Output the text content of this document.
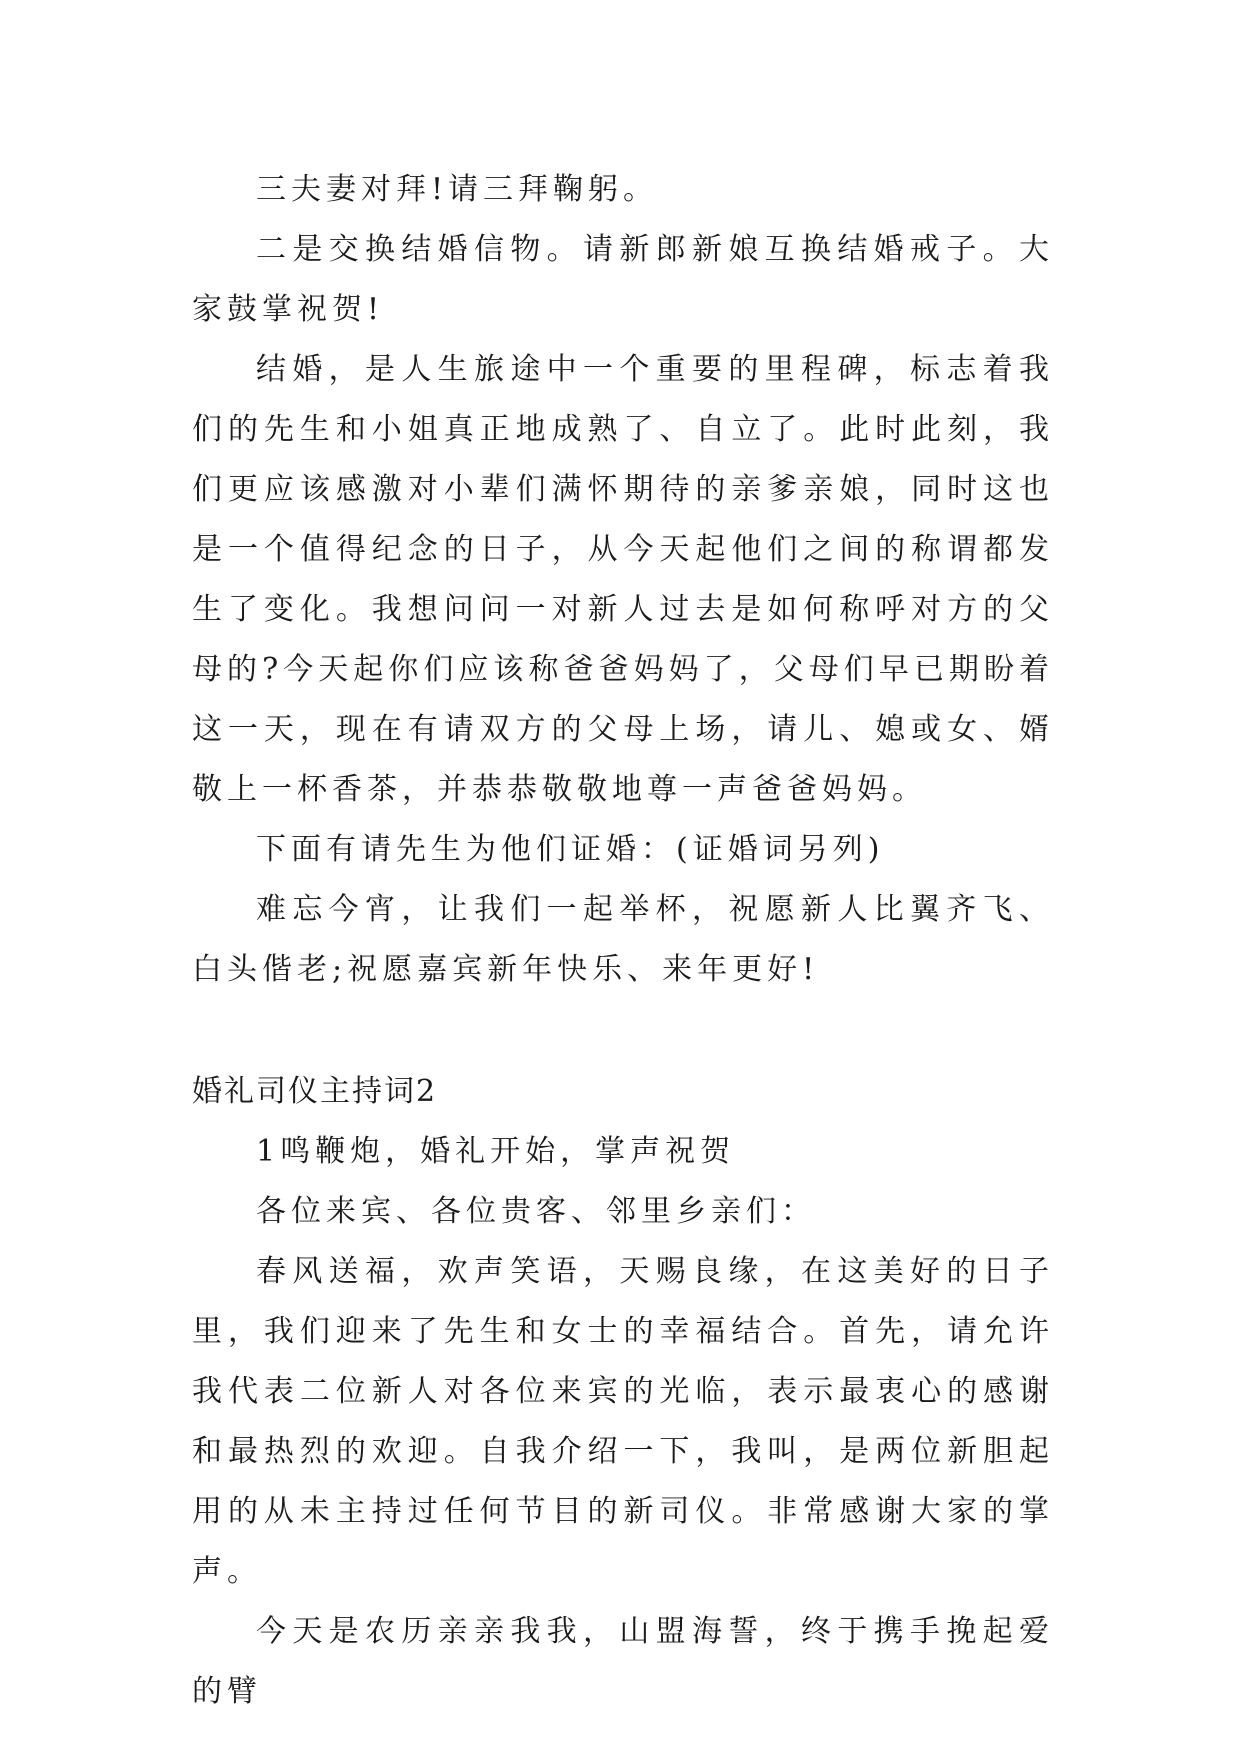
三夫妻对拜!请三拜鞠躬。

二是交换结婚信物。请新郎新娘互换结婚戒子。大家鼓掌祝贺!

结婚，是人生旅途中一个重要的里程碑，标志着我们的先生和小姐真正地成熟了、自立了。此时此刻，我们更应该感激对小辈们满怀期待的亲爹亲娘，同时这也是一个值得纪念的日子，从今天起他们之间的称谓都发生了变化。我想问问一对新人过去是如何称呼对方的父母的?今天起你们应该称爸爸妈妈了，父母们早已期盼着这一天，现在有请双方的父母上场，请儿、媳或女、婿敬上一杯香茶，并恭恭敬敬地尊一声爸爸妈妈。

下面有请先生为他们证婚：(证婚词另列)

难忘今宵，让我们一起举杯，祝愿新人比翼齐飞、白头偕老;祝愿嘉宾新年快乐、来年更好!

婚礼司仪主持词2

1鸣鞭炮，婚礼开始，掌声祝贺

各位来宾、各位贵客、邻里乡亲们：

春风送福，欢声笑语，天赐良缘，在这美好的日子里，我们迎来了先生和女士的幸福结合。首先，请允许我代表二位新人对各位来宾的光临，表示最衷心的感谢和最热烈的欢迎。自我介绍一下，我叫，是两位新胆起用的从未主持过任何节目的新司仪。非常感谢大家的掌声。

今天是农历亲亲我我，山盟海誓，终于携手挽起爱的臂
